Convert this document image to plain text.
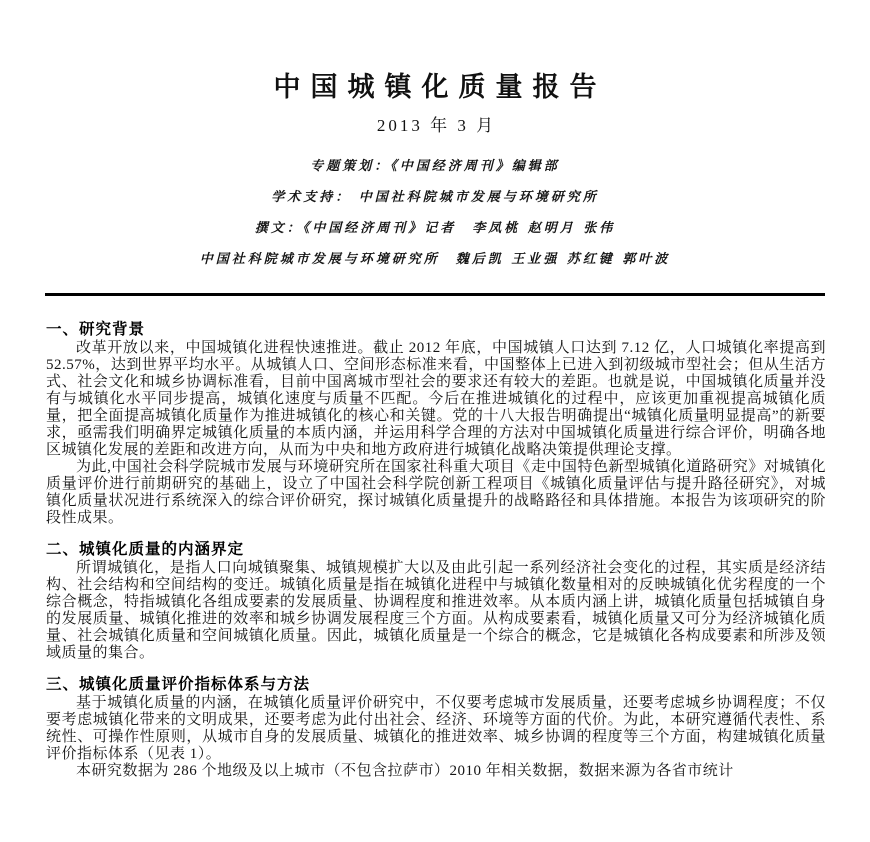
中国城镇化质量报告
2013 年 3 月

专题策划：《中国经济周刊》编辑部

学术支持： 中国社科院城市发展与环境研究所

撰文：《中国经济周刊》记者　李凤桃 赵明月 张伟

中国社科院城市发展与环境研究所　魏后凯 王业强 苏红键 郭叶波

一、研究背景

改革开放以来，中国城镇化进程快速推进。截止 2012 年底，中国城镇人口达到 7.12 亿，人口城镇化率提高到 52.57%，达到世界平均水平。从城镇人口、空间形态标准来看，中国整体上已进入到初级城市型社会；但从生活方式、社会文化和城乡协调标准看，目前中国离城市型社会的要求还有较大的差距。也就是说，中国城镇化质量并没有与城镇化水平同步提高，城镇化速度与质量不匹配。今后在推进城镇化的过程中，应该更加重视提高城镇化质量，把全面提高城镇化质量作为推进城镇化的核心和关键。党的十八大报告明确提出“城镇化质量明显提高”的新要求，亟需我们明确界定城镇化质量的本质内涵，并运用科学合理的方法对中国城镇化质量进行综合评价，明确各地区城镇化发展的差距和改进方向，从而为中央和地方政府进行城镇化战略决策提供理论支撑。

为此,中国社会科学院城市发展与环境研究所在国家社科重大项目《走中国特色新型城镇化道路研究》对城镇化质量评价进行前期研究的基础上，设立了中国社会科学院创新工程项目《城镇化质量评估与提升路径研究》，对城镇化质量状况进行系统深入的综合评价研究，探讨城镇化质量提升的战略路径和具体措施。本报告为该项研究的阶段性成果。

二、城镇化质量的内涵界定

所谓城镇化，是指人口向城镇聚集、城镇规模扩大以及由此引起一系列经济社会变化的过程，其实质是经济结构、社会结构和空间结构的变迁。城镇化质量是指在城镇化进程中与城镇化数量相对的反映城镇化优劣程度的一个综合概念，特指城镇化各组成要素的发展质量、协调程度和推进效率。从本质内涵上讲，城镇化质量包括城镇自身的发展质量、城镇化推进的效率和城乡协调发展程度三个方面。从构成要素看，城镇化质量又可分为经济城镇化质量、社会城镇化质量和空间城镇化质量。因此，城镇化质量是一个综合的概念，它是城镇化各构成要素和所涉及领域质量的集合。

三、城镇化质量评价指标体系与方法

基于城镇化质量的内涵，在城镇化质量评价研究中，不仅要考虑城市发展质量，还要考虑城乡协调程度；不仅要考虑城镇化带来的文明成果，还要考虑为此付出社会、经济、环境等方面的代价。为此，本研究遵循代表性、系统性、可操作性原则，从城市自身的发展质量、城镇化的推进效率、城乡协调的程度等三个方面，构建城镇化质量评价指标体系（见表 1）。

本研究数据为 286 个地级及以上城市（不包含拉萨市）2010 年相关数据，数据来源为各省市统计
